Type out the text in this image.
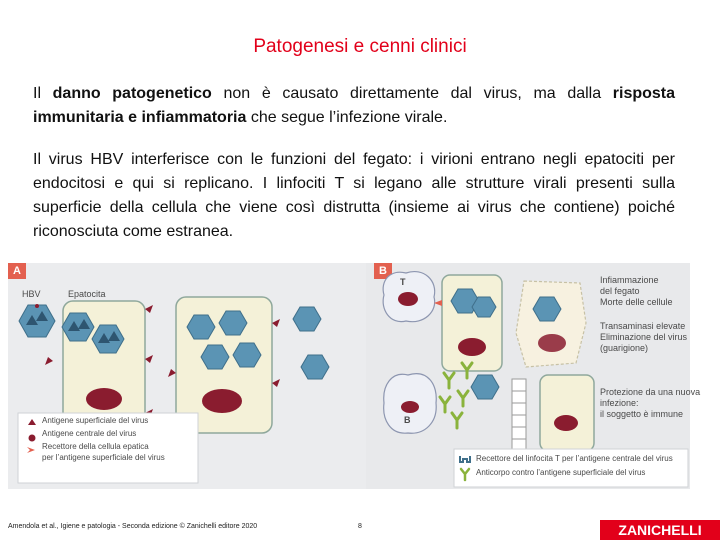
Patogenesi e cenni clinici
Il danno patogenetico non è causato direttamente dal virus, ma dalla risposta immunitaria e infiammatoria che segue l’infezione virale.
Il virus HBV interferisce con le funzioni del fegato: i virioni entrano negli epatociti per endocitosi e qui si replicano. I linfociti T si legano alle strutture virali presenti sulla superficie della cellula che viene così distrutta (insieme ai virus che contiene) poiché riconosciuta come estranea.
A
HBV	Epatocita
Antigene superficiale del virus
Antigene centrale del virus
Recettore della cellula epatica
per l’antigene superficiale del virus
B
T
B
Infiammazione
del fegato
Morte delle cellule
Transaminasi elevate
Eliminazione del virus
(guarigione)
Protezione da una nuova
infezione:
il soggetto è immune
Recettore del linfocita T per l’antigene centrale del virus
Anticorpo contro l’antigene superficiale del virus
Amendola et al., Igiene e patologia - Seconda edizione © Zanichelli editore 2020	8	ZANICHELLI
